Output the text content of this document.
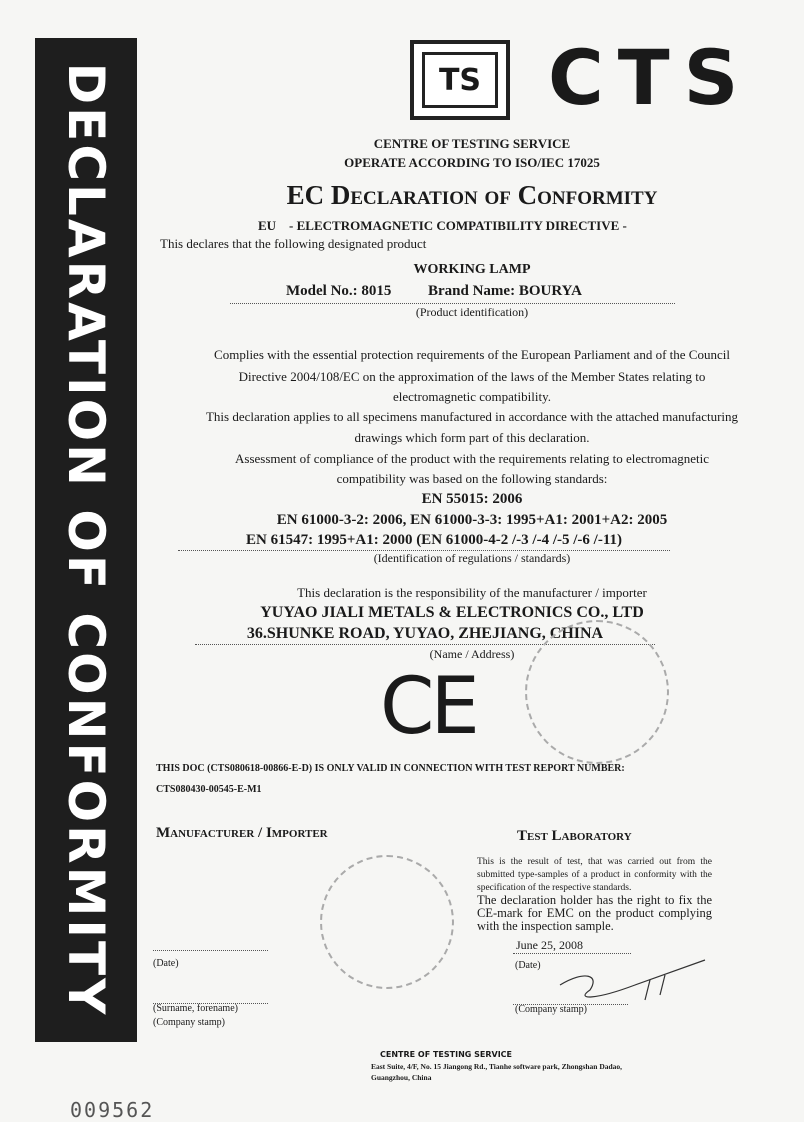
DECLARATION OF CONFORMITY	TS CTS
CENTRE OF TESTING SERVICE
OPERATE ACCORDING TO ISO/IEC 17025
EC Declaration of Conformity
EU    - ELECTROMAGNETIC COMPATIBILITY DIRECTIVE -
This declares that the following designated product
WORKING LAMP
Model No.: 8015 Brand Name: BOURYA
(Product identification)
Complies with the essential protection requirements of the European Parliament and of the Council
Directive 2004/108/EC on the approximation of the laws of the Member States relating to
electromagnetic compatibility.
This declaration applies to all specimens manufactured in accordance with the attached manufacturing
drawings which form part of this declaration.
Assessment of compliance of the product with the requirements relating to electromagnetic
compatibility was based on the following standards:
EN 55015: 2006
EN 61000-3-2: 2006, EN 61000-3-3: 1995+A1: 2001+A2: 2005
EN 61547: 1995+A1: 2000 (EN 61000-4-2 /-3 /-4 /-5 /-6 /-11)
(Identification of regulations / standards)
This declaration is the responsibility of the manufacturer / importer
YUYAO JIALI METALS & ELECTRONICS CO., LTD
36.SHUNKE ROAD, YUYAO, ZHEJIANG, CHINA
(Name / Address)
CE
THIS DOC (CTS080618-00866-E-D) IS ONLY VALID IN CONNECTION WITH TEST REPORT NUMBER:
CTS080430-00545-E-M1
Manufacturer / Importer
(Date)
(Surname, forename)
(Company stamp)
Test Laboratory
This is the result of test, that was carried out from the submitted type-samples of a product in conformity with the specification of the respective standards.
The declaration holder has the right to fix the CE-mark for EMC on the product complying with the inspection sample.
June 25, 2008
(Date)
(Company stamp)
CENTRE OF TESTING SERVICE
East Suite, 4/F, No. 15 Jiangong Rd., Tianhe software park, Zhongshan Dadao, Guangzhou, China
009562
